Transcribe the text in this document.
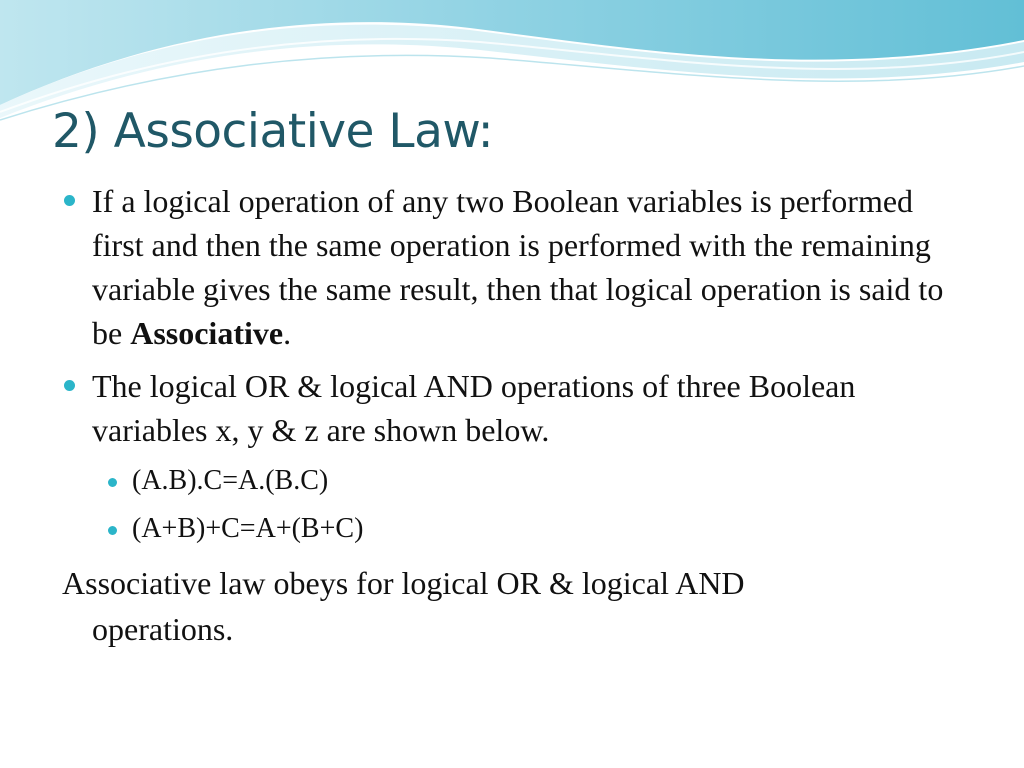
2) Associative Law:
If a logical operation of any two Boolean variables is performed first and then the same operation is performed with the remaining variable gives the same result, then that logical operation is said to be Associative.
The logical OR & logical AND operations of three Boolean variables x, y & z are shown below.
(A.B).C=A.(B.C)
(A+B)+C=A+(B+C)
Associative law obeys for logical OR & logical AND
operations.
